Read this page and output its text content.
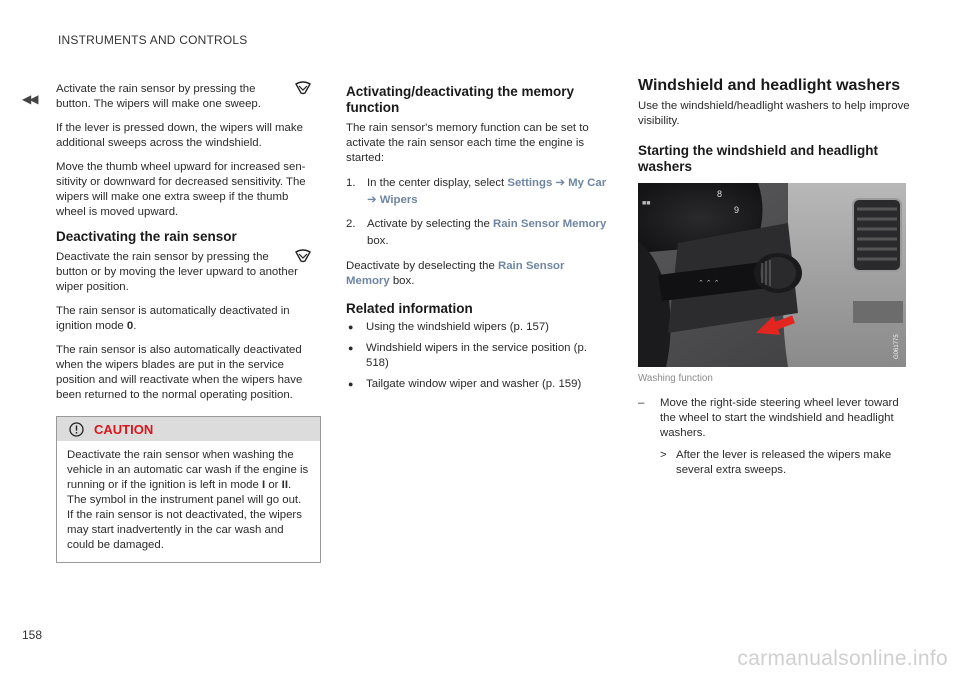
INSTRUMENTS AND CONTROLS
◀◀

Activate the rain sensor by pressing the button. The wipers will make one sweep.

If the lever is pressed down, the wipers will make additional sweeps across the windshield.

Move the thumb wheel upward for increased sen- sitivity or downward for decreased sensitivity. The wipers will make one extra sweep if the thumb wheel is moved upward.

Deactivating the rain sensor

Deactivate the rain sensor by pressing the button or by moving the lever upward to another wiper position.

The rain sensor is automatically deactivated in ignition mode 0.

The rain sensor is also automatically deactivated when the wipers blades are put in the service position and will reactivate when the wipers have been returned to the normal operating position.

CAUTION
Deactivate the rain sensor when washing the vehicle in an automatic car wash if the engine is running or if the ignition is left in mode I or II. The symbol in the instrument panel will go out. If the rain sensor is not deactivated, the wipers may start inadvertently in the car wash and could be damaged.
Activating/deactivating the memory function

The rain sensor's memory function can be set to activate the rain sensor each time the engine is started:

1.	In the center display, select Settings ➔ My Car ➔ Wipers
2.	Activate by selecting the Rain Sensor Memory box.

Deactivate by deselecting the Rain Sensor Memory box.

Related information
●	Using the windshield wipers (p. 157)
●	Windshield wipers in the service position (p. 518)
●	Tailgate window wiper and washer (p. 159)
Windshield and headlight washers

Use the windshield/headlight washers to help improve visibility.

Starting the windshield and headlight washers
8
9
■■
⌃ ⌃ ⌃
G061775
Washing function
–	Move the right-side steering wheel lever toward the wheel to start the windshield and headlight washers.
> After the lever is released the wipers make several extra sweeps.
158
carmanualsonline.info
